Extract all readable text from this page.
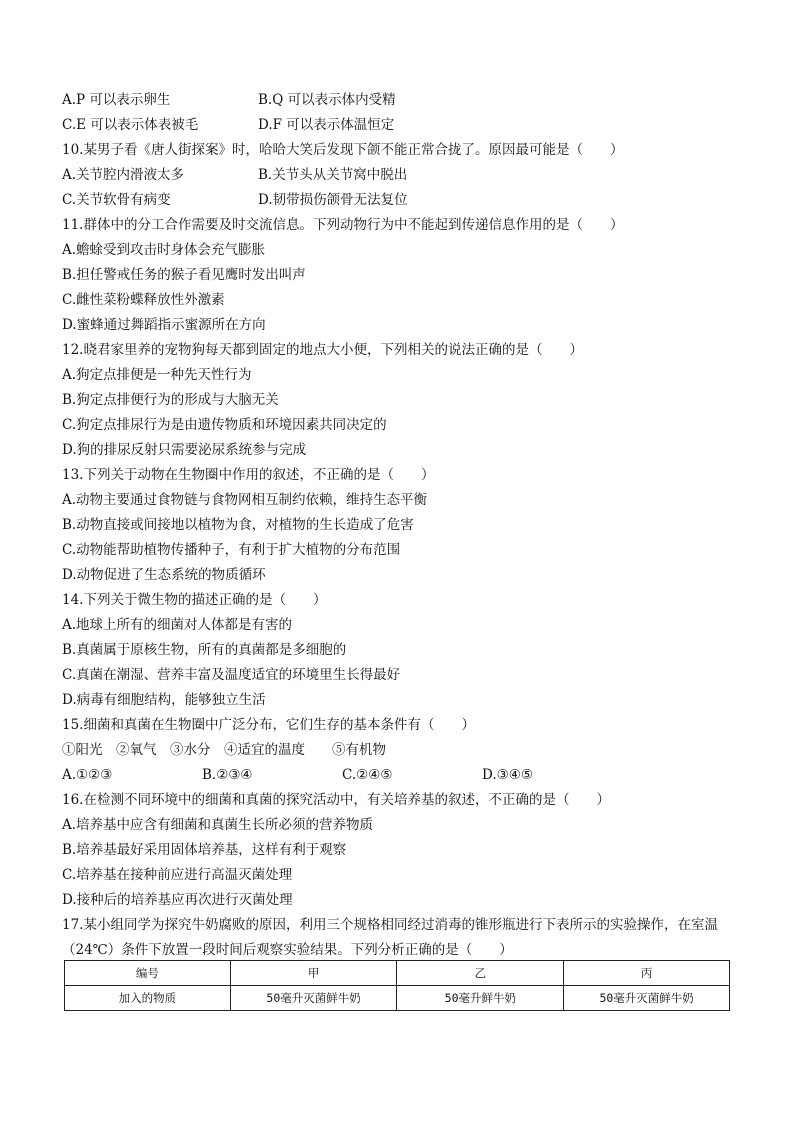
A.P 可以表示卵生	B.Q 可以表示体内受精
C.E 可以表示体表被毛	D.F 可以表示体温恒定
10.某男子看《唐人街探案》时，哈哈大笑后发现下颌不能正常合拢了。原因最可能是（　　）
A.关节腔内滑液太多	B.关节头从关节窝中脱出
C.关节软骨有病变	D.韧带损伤颌骨无法复位
11.群体中的分工合作需要及时交流信息。下列动物行为中不能起到传递信息作用的是（　　）
A.蟾蜍受到攻击时身体会充气膨胀
B.担任警戒任务的猴子看见鹰时发出叫声
C.雌性菜粉蝶释放性外激素
D.蜜蜂通过舞蹈指示蜜源所在方向
12.晓君家里养的宠物狗每天都到固定的地点大小便，下列相关的说法正确的是（　　）
A.狗定点排便是一种先天性行为
B.狗定点排便行为的形成与大脑无关
C.狗定点排尿行为是由遗传物质和环境因素共同决定的
D.狗的排尿反射只需要泌尿系统参与完成
13.下列关于动物在生物圈中作用的叙述，不正确的是（　　）
A.动物主要通过食物链与食物网相互制约依赖，维持生态平衡
B.动物直接或间接地以植物为食，对植物的生长造成了危害
C.动物能帮助植物传播种子，有利于扩大植物的分布范围
D.动物促进了生态系统的物质循环
14.下列关于微生物的描述正确的是（　　）
A.地球上所有的细菌对人体都是有害的
B.真菌属于原核生物，所有的真菌都是多细胞的
C.真菌在潮湿、营养丰富及温度适宜的环境里生长得最好
D.病毒有细胞结构，能够独立生活
15.细菌和真菌在生物圈中广泛分布，它们生存的基本条件有（　　）
①阳光　②氧气　③水分　④适宜的温度　　⑤有机物
A.①②③	B.②③④	C.②④⑤	D.③④⑤
16.在检测不同环境中的细菌和真菌的探究活动中，有关培养基的叙述，不正确的是（　　）
A.培养基中应含有细菌和真菌生长所必须的营养物质
B.培养基最好采用固体培养基，这样有利于观察
C.培养基在接种前应进行高温灭菌处理
D.接种后的培养基应再次进行灭菌处理
17.某小组同学为探究牛奶腐败的原因，利用三个规格相同经过消毒的锥形瓶进行下表所示的实验操作，在室温（24℃）条件下放置一段时间后观察实验结果。下列分析正确的是（　　）
编号	甲	乙	丙
加入的物质	50毫升灭菌鲜牛奶	50毫升鲜牛奶	50毫升灭菌鲜牛奶
